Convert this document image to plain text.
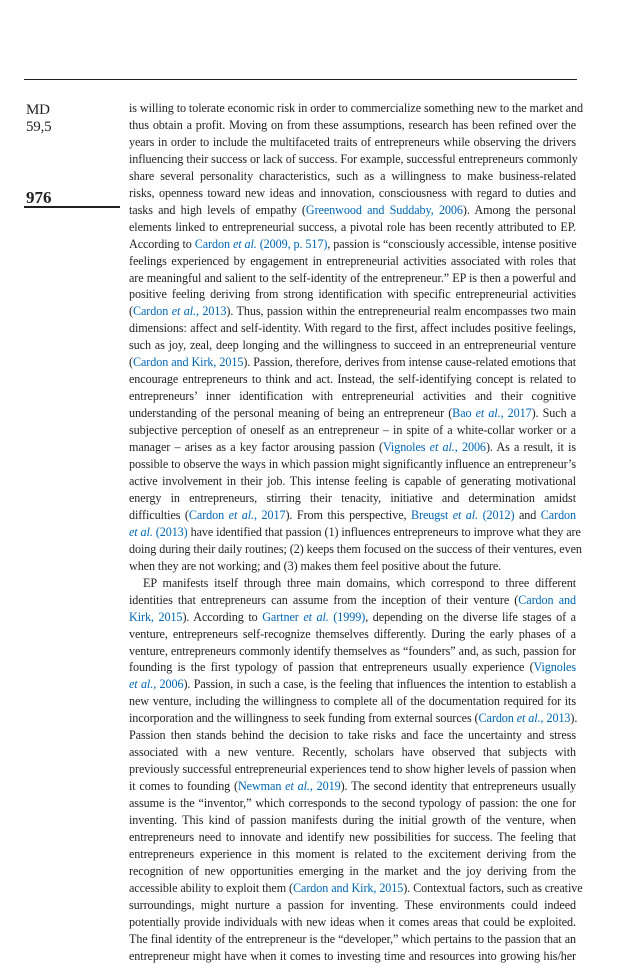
MD
59,5
976
is willing to tolerate economic risk in order to commercialize something new to the market and
thus obtain a profit. Moving on from these assumptions, research has been refined over the
years in order to include the multifaceted traits of entrepreneurs while observing the drivers
influencing their success or lack of success. For example, successful entrepreneurs commonly
share several personality characteristics, such as a willingness to make business-related
risks, openness toward new ideas and innovation, consciousness with regard to duties and
tasks and high levels of empathy (Greenwood and Suddaby, 2006). Among the personal
elements linked to entrepreneurial success, a pivotal role has been recently attributed to EP.
According to Cardon et al. (2009, p. 517), passion is “consciously accessible, intense positive
feelings experienced by engagement in entrepreneurial activities associated with roles that
are meaningful and salient to the self-identity of the entrepreneur.” EP is then a powerful and
positive feeling deriving from strong identification with specific entrepreneurial activities
(Cardon et al., 2013). Thus, passion within the entrepreneurial realm encompasses two main
dimensions: affect and self-identity. With regard to the first, affect includes positive feelings,
such as joy, zeal, deep longing and the willingness to succeed in an entrepreneurial venture
(Cardon and Kirk, 2015). Passion, therefore, derives from intense cause-related emotions that
encourage entrepreneurs to think and act. Instead, the self-identifying concept is related to
entrepreneurs’ inner identification with entrepreneurial activities and their cognitive
understanding of the personal meaning of being an entrepreneur (Bao et al., 2017). Such a
subjective perception of oneself as an entrepreneur – in spite of a white-collar worker or a
manager – arises as a key factor arousing passion (Vignoles et al., 2006). As a result, it is
possible to observe the ways in which passion might significantly influence an entrepreneur’s
active involvement in their job. This intense feeling is capable of generating motivational
energy in entrepreneurs, stirring their tenacity, initiative and determination amidst
difficulties (Cardon et al., 2017). From this perspective, Breugst et al. (2012) and Cardon
et al. (2013) have identified that passion (1) influences entrepreneurs to improve what they are
doing during their daily routines; (2) keeps them focused on the success of their ventures, even
when they are not working; and (3) makes them feel positive about the future.
EP manifests itself through three main domains, which correspond to three different
identities that entrepreneurs can assume from the inception of their venture (Cardon and
Kirk, 2015). According to Gartner et al. (1999), depending on the diverse life stages of a
venture, entrepreneurs self-recognize themselves differently. During the early phases of a
venture, entrepreneurs commonly identify themselves as “founders” and, as such, passion for
founding is the first typology of passion that entrepreneurs usually experience (Vignoles
et al., 2006). Passion, in such a case, is the feeling that influences the intention to establish a
new venture, including the willingness to complete all of the documentation required for its
incorporation and the willingness to seek funding from external sources (Cardon et al., 2013).
Passion then stands behind the decision to take risks and face the uncertainty and stress
associated with a new venture. Recently, scholars have observed that subjects with
previously successful entrepreneurial experiences tend to show higher levels of passion when
it comes to founding (Newman et al., 2019). The second identity that entrepreneurs usually
assume is the “inventor,” which corresponds to the second typology of passion: the one for
inventing. This kind of passion manifests during the initial growth of the venture, when
entrepreneurs need to innovate and identify new possibilities for success. The feeling that
entrepreneurs experience in this moment is related to the excitement deriving from the
recognition of new opportunities emerging in the market and the joy deriving from the
accessible ability to exploit them (Cardon and Kirk, 2015). Contextual factors, such as creative
surroundings, might nurture a passion for inventing. These environments could indeed
potentially provide individuals with new ideas when it comes areas that could be exploited.
The final identity of the entrepreneur is the “developer,” which pertains to the passion that an
entrepreneur might have when it comes to investing time and resources into growing his/her
